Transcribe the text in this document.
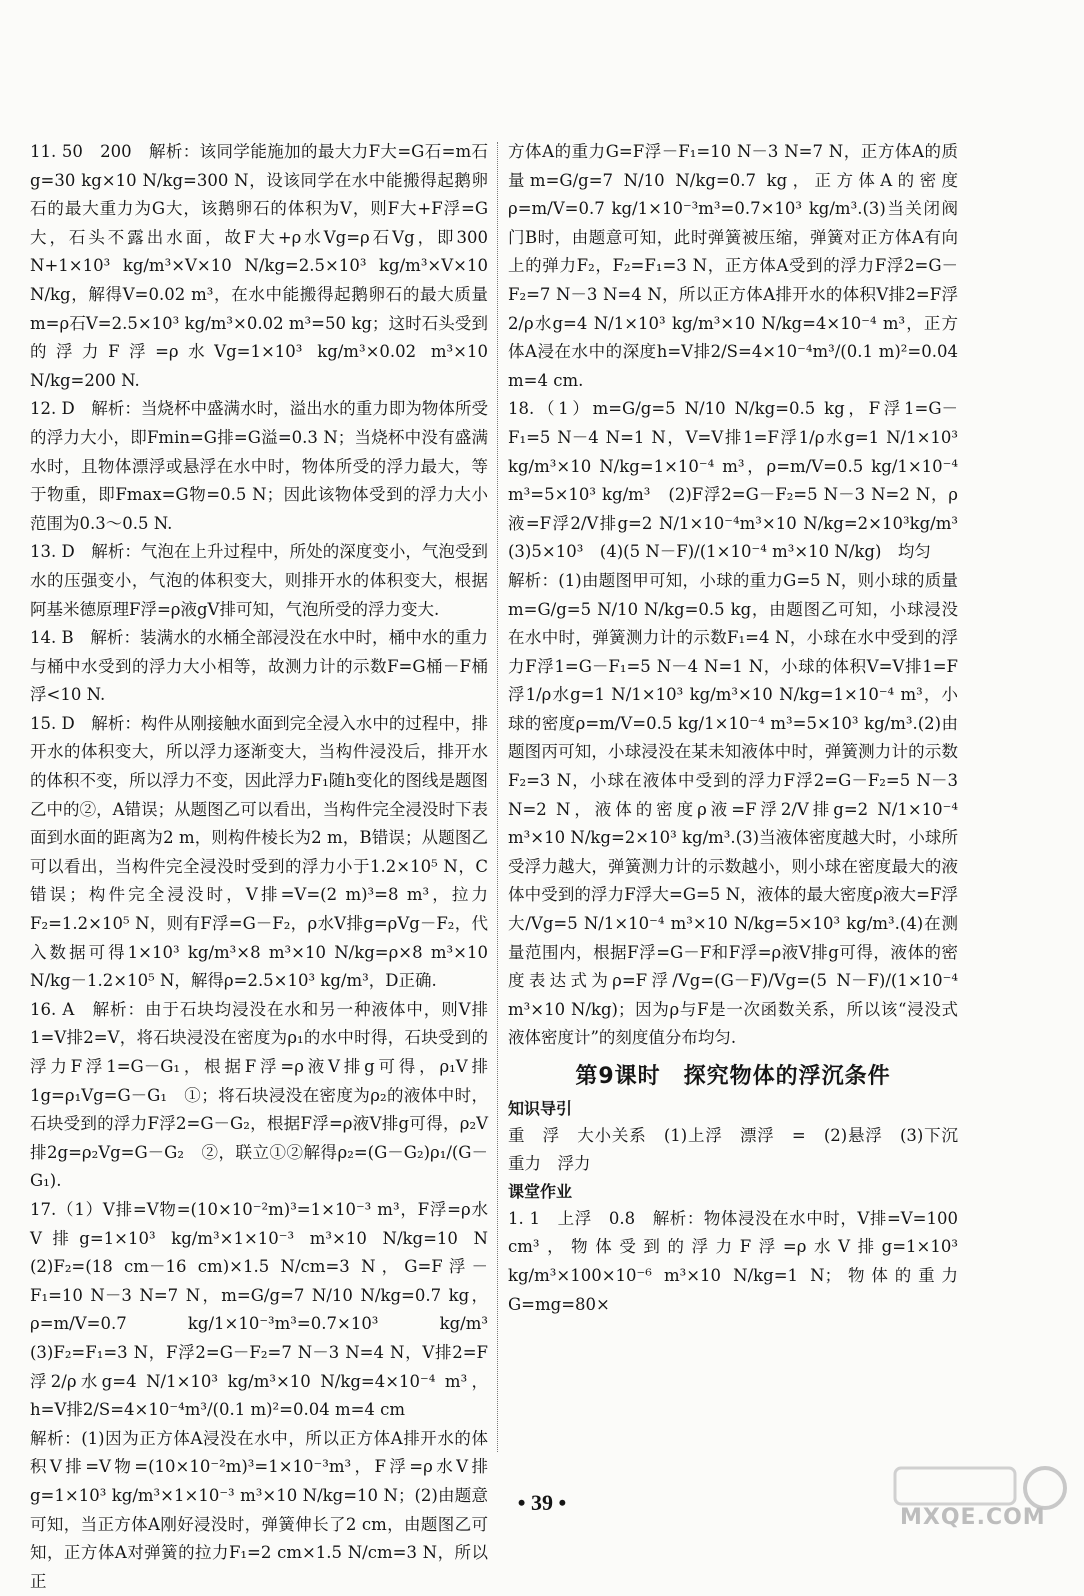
11. 50　200　解析：该同学能施加的最大力F大=G石=m石g=30 kg×10 N/kg=300 N，设该同学在水中能搬得起鹅卵石的最大重力为G大，该鹅卵石的体积为V，则F大+F浮=G大，石头不露出水面，故F大+ρ水Vg=ρ石Vg，即300 N+1×10³ kg/m³×V×10 N/kg=2.5×10³ kg/m³×V×10 N/kg，解得V=0.02 m³，在水中能搬得起鹅卵石的最大质量m=ρ石V=2.5×10³ kg/m³×0.02 m³=50 kg；这时石头受到的浮力F浮=ρ水Vg=1×10³ kg/m³×0.02 m³×10 N/kg=200 N.

12. D　解析：当烧杯中盛满水时，溢出水的重力即为物体所受的浮力大小，即Fmin=G排=G溢=0.3 N；当烧杯中没有盛满水时，且物体漂浮或悬浮在水中时，物体所受的浮力最大，等于物重，即Fmax=G物=0.5 N；因此该物体受到的浮力大小范围为0.3～0.5 N.

13. D　解析：气泡在上升过程中，所处的深度变小，气泡受到水的压强变小，气泡的体积变大，则排开水的体积变大，根据阿基米德原理F浮=ρ液gV排可知，气泡所受的浮力变大.

14. B　解析：装满水的水桶全部浸没在水中时，桶中水的重力与桶中水受到的浮力大小相等，故测力计的示数F=G桶－F桶浮<10 N.

15. D　解析：构件从刚接触水面到完全浸入水中的过程中，排开水的体积变大，所以浮力逐渐变大，当构件浸没后，排开水的体积不变，所以浮力不变，因此浮力F₁随h变化的图线是题图乙中的②，A错误；从题图乙可以看出，当构件完全浸没时下表面到水面的距离为2 m，则构件棱长为2 m，B错误；从题图乙可以看出，当构件完全浸没时受到的浮力小于1.2×10⁵ N，C错误；构件完全浸没时，V排=V=(2 m)³=8 m³，拉力F₂=1.2×10⁵ N，则有F浮=G－F₂，ρ水V排g=ρVg－F₂，代入数据可得1×10³ kg/m³×8 m³×10 N/kg=ρ×8 m³×10 N/kg－1.2×10⁵ N，解得ρ=2.5×10³ kg/m³，D正确.

16. A　解析：由于石块均浸没在水和另一种液体中，则V排1=V排2=V，将石块浸没在密度为ρ₁的水中时得，石块受到的浮力F浮1=G－G₁，根据F浮=ρ液V排g可得，ρ₁V排1g=ρ₁Vg=G－G₁　①；将石块浸没在密度为ρ₂的液体中时，石块受到的浮力F浮2=G－G₂，根据F浮=ρ液V排g可得，ρ₂V排2g=ρ₂Vg=G－G₂　②，联立①②解得ρ₂=(G－G₂)ρ₁/(G－G₁).

17.（1）V排=V物=(10×10⁻²m)³=1×10⁻³ m³，F浮=ρ水V排g=1×10³ kg/m³×1×10⁻³ m³×10 N/kg=10 N　(2)F₂=(18 cm－16 cm)×1.5 N/cm=3 N，G=F浮－F₁=10 N－3 N=7 N，m=G/g=7 N/10 N/kg=0.7 kg，ρ=m/V=0.7 kg/1×10⁻³m³=0.7×10³ kg/m³　(3)F₂=F₁=3 N，F浮2=G－F₂=7 N－3 N=4 N，V排2=F浮2/ρ水g=4 N/1×10³ kg/m³×10 N/kg=4×10⁻⁴ m³，h=V排2/S=4×10⁻⁴m³/(0.1 m)²=0.04 m=4 cm

解析：(1)因为正方体A浸没在水中，所以正方体A排开水的体积V排=V物=(10×10⁻²m)³=1×10⁻³m³，F浮=ρ水V排g=1×10³ kg/m³×1×10⁻³ m³×10 N/kg=10 N；(2)由题意可知，当正方体A刚好浸没时，弹簧伸长了2 cm，由题图乙可知，正方体A对弹簧的拉力F₁=2 cm×1.5 N/cm=3 N，所以正

方体A的重力G=F浮－F₁=10 N－3 N=7 N，正方体A的质量m=G/g=7 N/10 N/kg=0.7 kg，正方体A的密度ρ=m/V=0.7 kg/1×10⁻³m³=0.7×10³ kg/m³.(3)当关闭阀门B时，由题意可知，此时弹簧被压缩，弹簧对正方体A有向上的弹力F₂，F₂=F₁=3 N，正方体A受到的浮力F浮2=G－F₂=7 N－3 N=4 N，所以正方体A排开水的体积V排2=F浮2/ρ水g=4 N/1×10³ kg/m³×10 N/kg=4×10⁻⁴ m³，正方体A浸在水中的深度h=V排2/S=4×10⁻⁴m³/(0.1 m)²=0.04 m=4 cm.

18.（1）m=G/g=5 N/10 N/kg=0.5 kg，F浮1=G－F₁=5 N－4 N=1 N，V=V排1=F浮1/ρ水g=1 N/1×10³ kg/m³×10 N/kg=1×10⁻⁴ m³，ρ=m/V=0.5 kg/1×10⁻⁴ m³=5×10³ kg/m³　(2)F浮2=G－F₂=5 N－3 N=2 N，ρ液=F浮2/V排g=2 N/1×10⁻⁴m³×10 N/kg=2×10³kg/m³　(3)5×10³　(4)(5 N－F)/(1×10⁻⁴ m³×10 N/kg)　均匀

解析：(1)由题图甲可知，小球的重力G=5 N，则小球的质量m=G/g=5 N/10 N/kg=0.5 kg，由题图乙可知，小球浸没在水中时，弹簧测力计的示数F₁=4 N，小球在水中受到的浮力F浮1=G－F₁=5 N－4 N=1 N，小球的体积V=V排1=F浮1/ρ水g=1 N/1×10³ kg/m³×10 N/kg=1×10⁻⁴ m³，小球的密度ρ=m/V=0.5 kg/1×10⁻⁴ m³=5×10³ kg/m³.(2)由题图丙可知，小球浸没在某未知液体中时，弹簧测力计的示数F₂=3 N，小球在液体中受到的浮力F浮2=G－F₂=5 N－3 N=2 N，液体的密度ρ液=F浮2/V排g=2 N/1×10⁻⁴ m³×10 N/kg=2×10³ kg/m³.(3)当液体密度越大时，小球所受浮力越大，弹簧测力计的示数越小，则小球在密度最大的液体中受到的浮力F浮大=G=5 N，液体的最大密度ρ液大=F浮大/Vg=5 N/1×10⁻⁴ m³×10 N/kg=5×10³ kg/m³.(4)在测量范围内，根据F浮=G－F和F浮=ρ液V排g可得，液体的密度表达式为ρ=F浮/Vg=(G－F)/Vg=(5 N－F)/(1×10⁻⁴ m³×10 N/kg)；因为ρ与F是一次函数关系，所以该“浸没式液体密度计”的刻度值分布均匀.

第9课时　探究物体的浮沉条件

知识导引

重　浮　大小关系　(1)上浮　漂浮　=　(2)悬浮　(3)下沉　重力　浮力

课堂作业

1. 1　上浮　0.8　解析：物体浸没在水中时，V排=V=100 cm³，物体受到的浮力F浮=ρ水V排g=1×10³ kg/m³×100×10⁻⁶ m³×10 N/kg=1 N；物体的重力G=mg=80×

• 39 •
MXQE.COM
